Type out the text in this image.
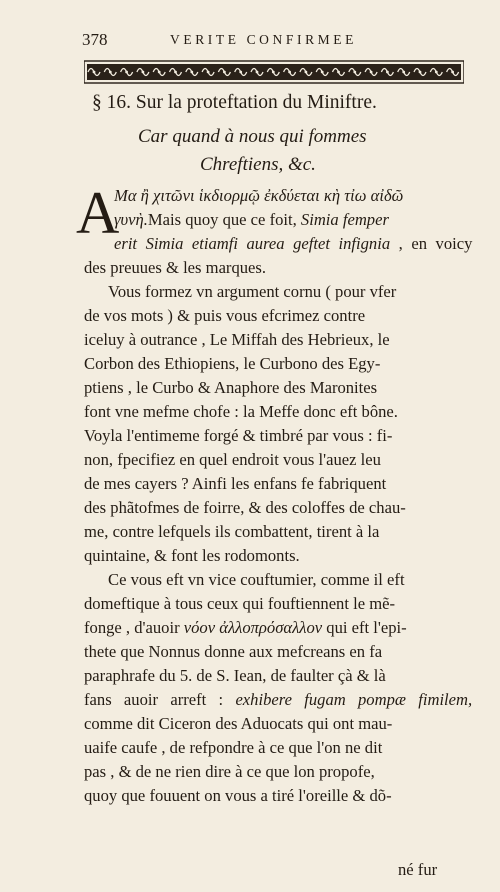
378	VERITE CONFIRMEE
§ 16. Sur la proteftation du Miniftre.
Car quand à nous qui fommes
Chreftiens, &c.
A
Mα ἢ χιτῶνι ἱκδιορμῷ ἐκδύεται κὴ τἰω αἰδῶ
γυνὴ.Mais quoy que ce foit, Simia femper
erit Simia etiamfi aurea geftet infignia , en voicy
des preuues & les marques.
Vous formez vn argument cornu ( pour vfer
de vos mots ) & puis vous efcrimez contre
iceluy à outrance , Le Miffah des Hebrieux, le
Corbon des Ethiopiens, le Curbono des Egy-
ptiens , le Curbo & Anaphore des Maronites
font vne mefme chofe : la Meffe donc eft bône.
Voyla l'entimeme forgé & timbré par vous : fi-
non, fpecifiez en quel endroit vous l'auez leu
de mes cayers ? Ainfi les enfans fe fabriquent
des phãtofmes de foirre, & des coloffes de chau-
me, contre lefquels ils combattent, tirent à la
quintaine, & font les rodomonts.
Ce vous eft vn vice couftumier, comme il eft
domeftique à tous ceux qui fouftiennent le mẽ-
fonge , d'auoir νόον ἀλλοπρόσαλλον qui eft l'epi-
thete que Nonnus donne aux mefcreans en fa
paraphrafe du 5. de S. Iean, de faulter çà & là
fans auoir arreft : exhibere fugam pompæ fimilem,
comme dit Ciceron des Aduocats qui ont mau-
uaife caufe , de refpondre à ce que l'on ne dit
pas , & de ne rien dire à ce que lon propofe,
quoy que fouuent on vous a tiré l'oreille & dõ-
né fur
